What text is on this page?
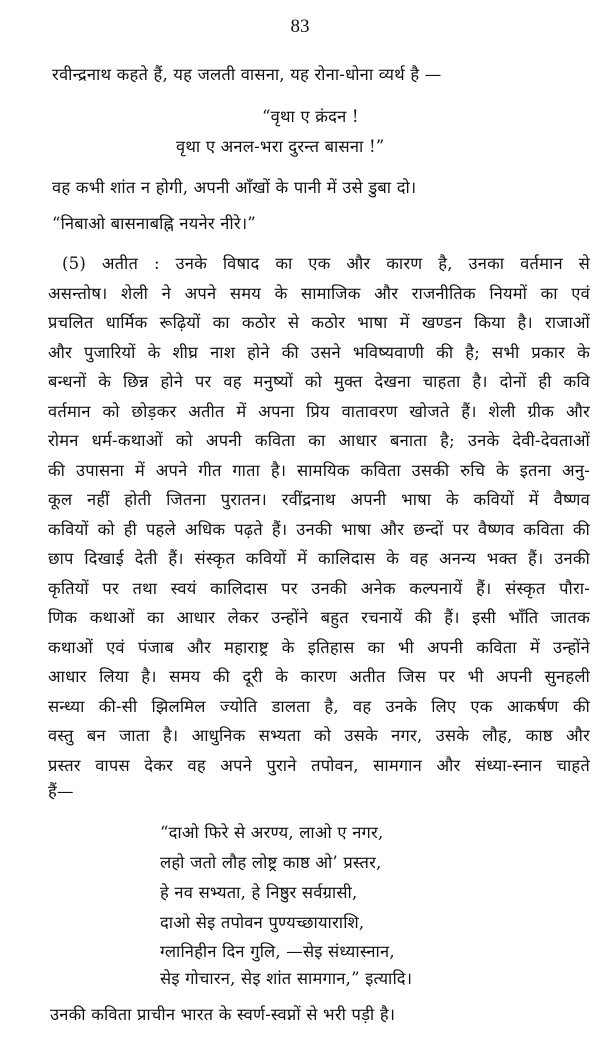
83
रवीन्द्रनाथ कहते हैं, यह जलती वासना, यह रोना-धोना व्यर्थ है —
“वृथा ए क्रंदन !
वृथा ए अनल-भरा दुरन्त बासना !”
वह कभी शांत न होगी, अपनी आँखों के पानी में उसे डुबा दो।
“निबाओ बासनाबह्नि नयनेर नीरे।”
(5) अतीत : उनके विषाद का एक और कारण है, उनका वर्तमान से
असन्तोष। शेली ने अपने समय के सामाजिक और राजनीतिक नियमों का एवं
प्रचलित धार्मिक रूढ़ियों का कठोर से कठोर भाषा में खण्डन किया है। राजाओं
और पुजारियों के शीघ्र नाश होने की उसने भविष्यवाणी की है; सभी प्रकार के
बन्धनों के छिन्न होने पर वह मनुष्यों को मुक्त देखना चाहता है। दोनों ही कवि
वर्तमान को छोड़कर अतीत में अपना प्रिय वातावरण खोजते हैं। शेली ग्रीक और
रोमन धर्म-कथाओं को अपनी कविता का आधार बनाता है; उनके देवी-देवताओं
की उपासना में अपने गीत गाता है। सामयिक कविता उसकी रुचि के इतना अनु-
कूल नहीं होती जितना पुरातन। रवींद्रनाथ अपनी भाषा के कवियों में वैष्णव
कवियों को ही पहले अधिक पढ़ते हैं। उनकी भाषा और छन्दों पर वैष्णव कविता की
छाप दिखाई देती हैं। संस्कृत कवियों में कालिदास के वह अनन्य भक्त हैं। उनकी
कृतियों पर तथा स्वयं कालिदास पर उनकी अनेक कल्पनायें हैं। संस्कृत पौरा-
णिक कथाओं का आधार लेकर उन्होंने बहुत रचनायें की हैं। इसी भाँति जातक
कथाओं एवं पंजाब और महाराष्ट्र के इतिहास का भी अपनी कविता में उन्होंने
आधार लिया है। समय की दूरी के कारण अतीत जिस पर भी अपनी सुनहली
सन्ध्या की-सी झिलमिल ज्योति डालता है, वह उनके लिए एक आकर्षण की
वस्तु बन जाता है। आधुनिक सभ्यता को उसके नगर, उसके लौह, काष्ठ और
प्रस्तर वापस देकर वह अपने पुराने तपोवन, सामगान और संध्या-स्नान चाहते
हैं—
“दाओ फिरे से अरण्य, लाओ ए नगर,
लहो जतो लौह लोष्ट्र काष्ठ ओ’ प्रस्तर,
हे नव सभ्यता, हे निष्ठुर सर्वग्रासी,
दाओ सेइ तपोवन पुण्यच्छायाराशि,
ग्लानिहीन दिन गुलि, —सेइ संध्यास्नान,
सेइ गोचारन, सेइ शांत सामगान,” इत्यादि।
उनकी कविता प्राचीन भारत के स्वर्ण-स्वप्नों से भरी पड़ी है।
